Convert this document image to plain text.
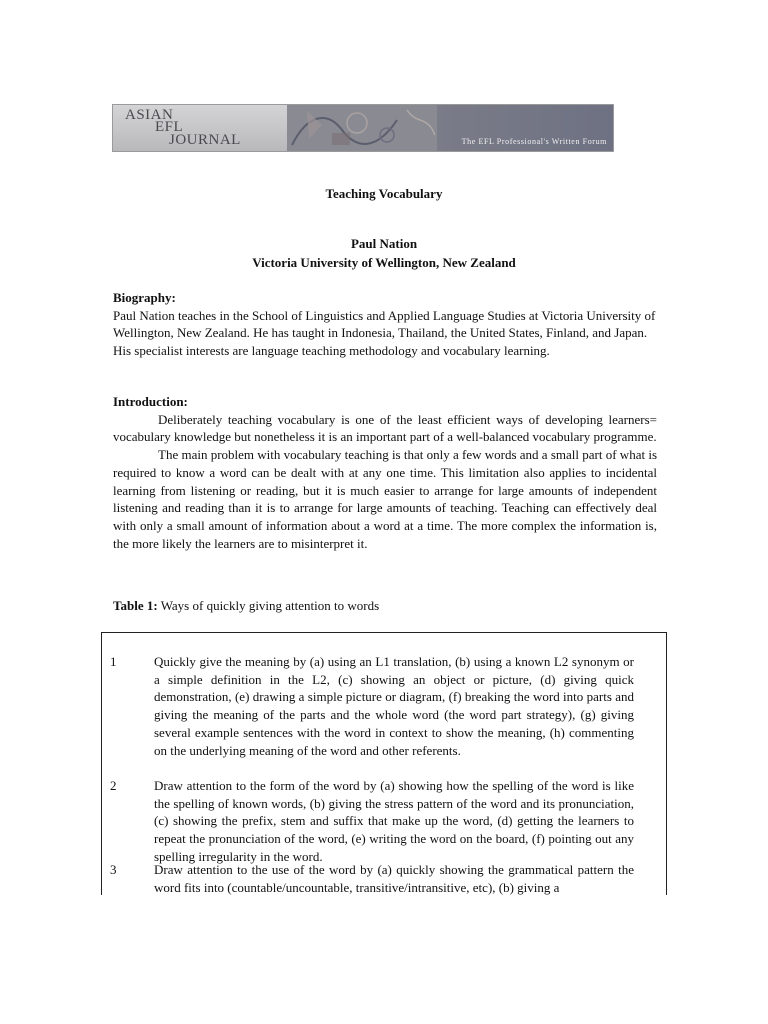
ASIAN
EFL
JOURNAL	The EFL Professional's Written Forum
Teaching Vocabulary
Paul Nation
Victoria University of Wellington, New Zealand

Biography:

Paul Nation teaches in the School of Linguistics and Applied Language Studies at Victoria University of Wellington, New Zealand. He has taught in Indonesia, Thailand, the United States, Finland, and Japan. His specialist interests are language teaching methodology and vocabulary learning.

Introduction:

Deliberately teaching vocabulary is one of the least efficient ways of developing learners= vocabulary knowledge but nonetheless it is an important part of a well-balanced vocabulary programme.

The main problem with vocabulary teaching is that only a few words and a small part of what is required to know a word can be dealt with at any one time. This limitation also applies to incidental learning from listening or reading, but it is much easier to arrange for large amounts of independent listening and reading than it is to arrange for large amounts of teaching. Teaching can effectively deal with only a small amount of information about a word at a time. The more complex the information is, the more likely the learners are to misinterpret it.

Table 1: Ways of quickly giving attention to words
1	Quickly give the meaning by (a) using an L1 translation, (b) using a known L2 synonym or a simple definition in the L2, (c) showing an object or picture, (d) giving quick demonstration, (e) drawing a simple picture or diagram, (f) breaking the word into parts and giving the meaning of the parts and the whole word (the word part strategy), (g) giving several example sentences with the word in context to show the meaning, (h) commenting on the underlying meaning of the word and other referents.
2	Draw attention to the form of the word by (a) showing how the spelling of the word is like the spelling of known words, (b) giving the stress pattern of the word and its pronunciation, (c) showing the prefix, stem and suffix that make up the word, (d) getting the learners to repeat the pronunciation of the word, (e) writing the word on the board, (f) pointing out any spelling irregularity in the word.
3	Draw attention to the use of the word by (a) quickly showing the grammatical pattern the word fits into (countable/uncountable, transitive/intransitive, etc), (b) giving a
